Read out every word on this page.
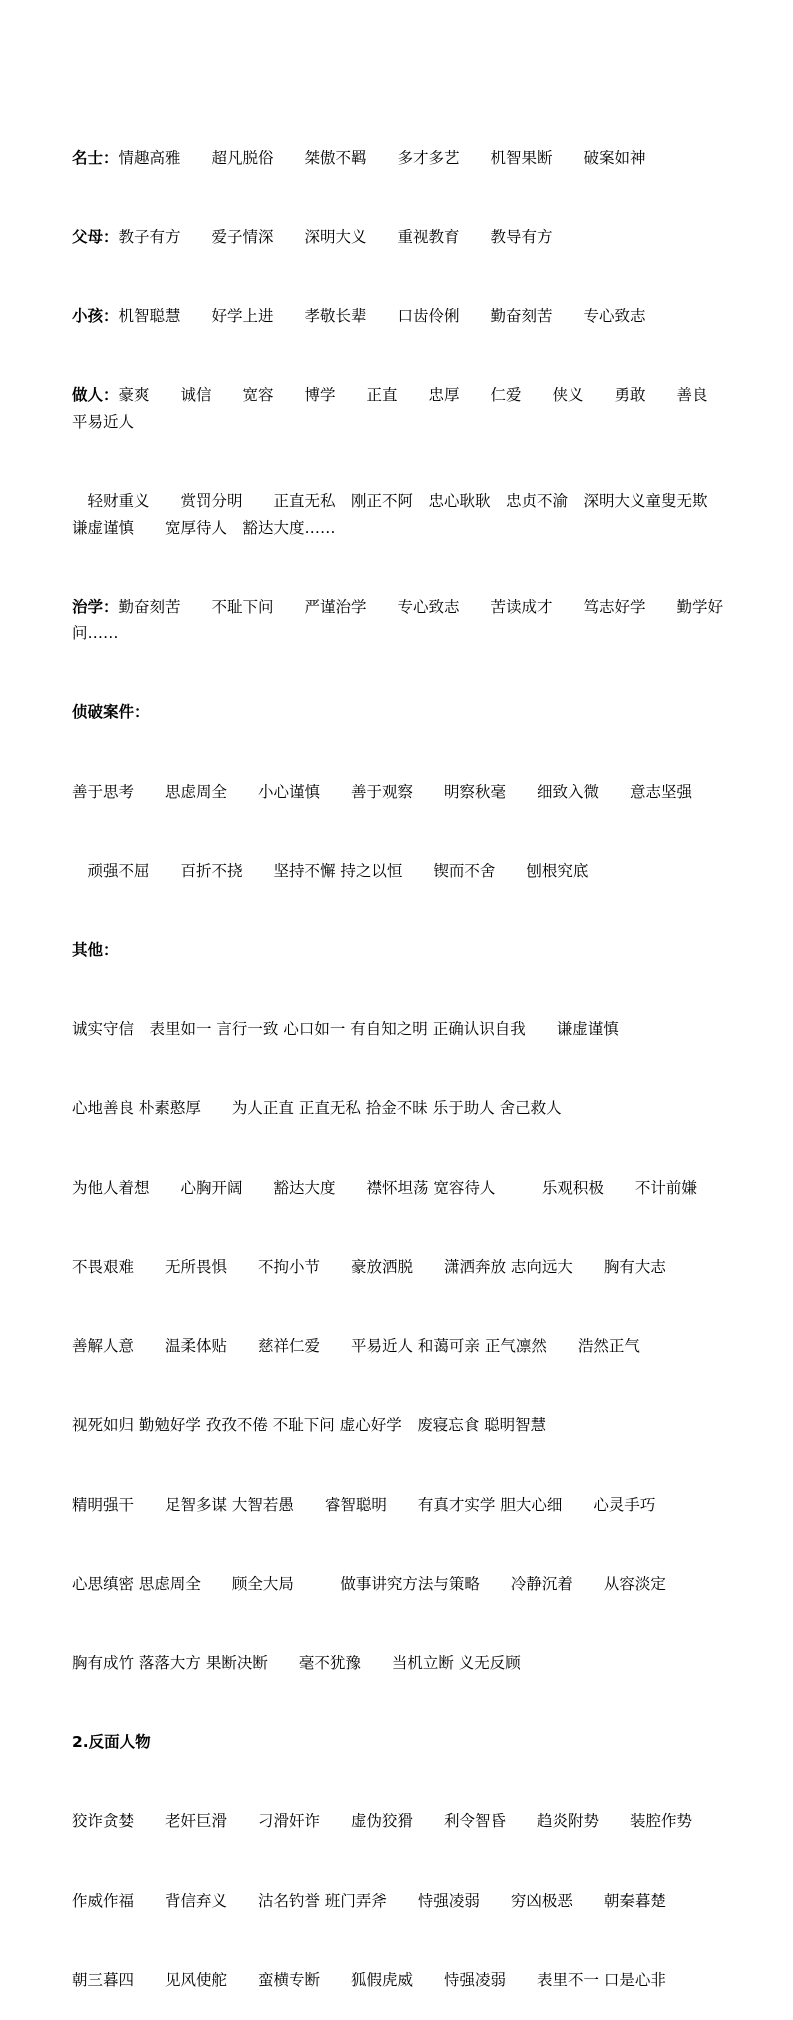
名士：情趣高雅　　超凡脱俗　　桀傲不羁　　多才多艺　　机智果断　　破案如神

父母：教子有方　　爱子情深　　深明大义　　重视教育　　教导有方

小孩：机智聪慧　　好学上进　　孝敬长辈　　口齿伶俐　　勤奋刻苦　　专心致志

做人：豪爽　　诚信　　宽容　　博学　　正直　　忠厚　　仁爱　　侠义　　勇敢　　善良　　平易近人

　轻财重义　　赏罚分明　　正直无私　刚正不阿　忠心耿耿　忠贞不渝　深明大义童叟无欺　谦虚谨慎　　宽厚待人　豁达大度……

治学：勤奋刻苦　　不耻下问　　严谨治学　　专心致志　　苦读成才　　笃志好学　　勤学好问……

侦破案件：

善于思考　　思虑周全　　小心谨慎　　善于观察　　明察秋毫　　细致入微　　意志坚强

　顽强不屈　　百折不挠　　坚持不懈 持之以恒　　锲而不舍　　刨根究底

其他：

诚实守信　表里如一 言行一致 心口如一 有自知之明 正确认识自我　　谦虚谨慎

心地善良 朴素憨厚　　为人正直 正直无私 拾金不昧 乐于助人 舍己救人

为他人着想　　心胸开阔　　豁达大度　　襟怀坦荡 宽容待人　　　乐观积极　　不计前嫌

不畏艰难　　无所畏惧　　不拘小节　　豪放洒脱　　潇洒奔放 志向远大　　胸有大志

善解人意　　温柔体贴　　慈祥仁爱　　平易近人 和蔼可亲 正气凛然　　浩然正气

视死如归 勤勉好学 孜孜不倦 不耻下问 虚心好学　废寝忘食 聪明智慧

精明强干　　足智多谋 大智若愚　　睿智聪明　　有真才实学 胆大心细　　心灵手巧

心思缜密 思虑周全　　顾全大局　　　做事讲究方法与策略　　冷静沉着　　从容淡定

胸有成竹 落落大方 果断决断　　毫不犹豫　　当机立断 义无反顾

2.反面人物

狡诈贪婪　　老奸巨滑　　刁滑奸诈　　虚伪狡猾　　利令智昏　　趋炎附势　　装腔作势

作威作福　　背信弃义　　沽名钓誉 班门弄斧　　恃强凌弱　　穷凶极恶　　朝秦暮楚

朝三暮四　　见风使舵　　蛮横专断　　狐假虎威　　恃强凌弱　　表里不一 口是心非
